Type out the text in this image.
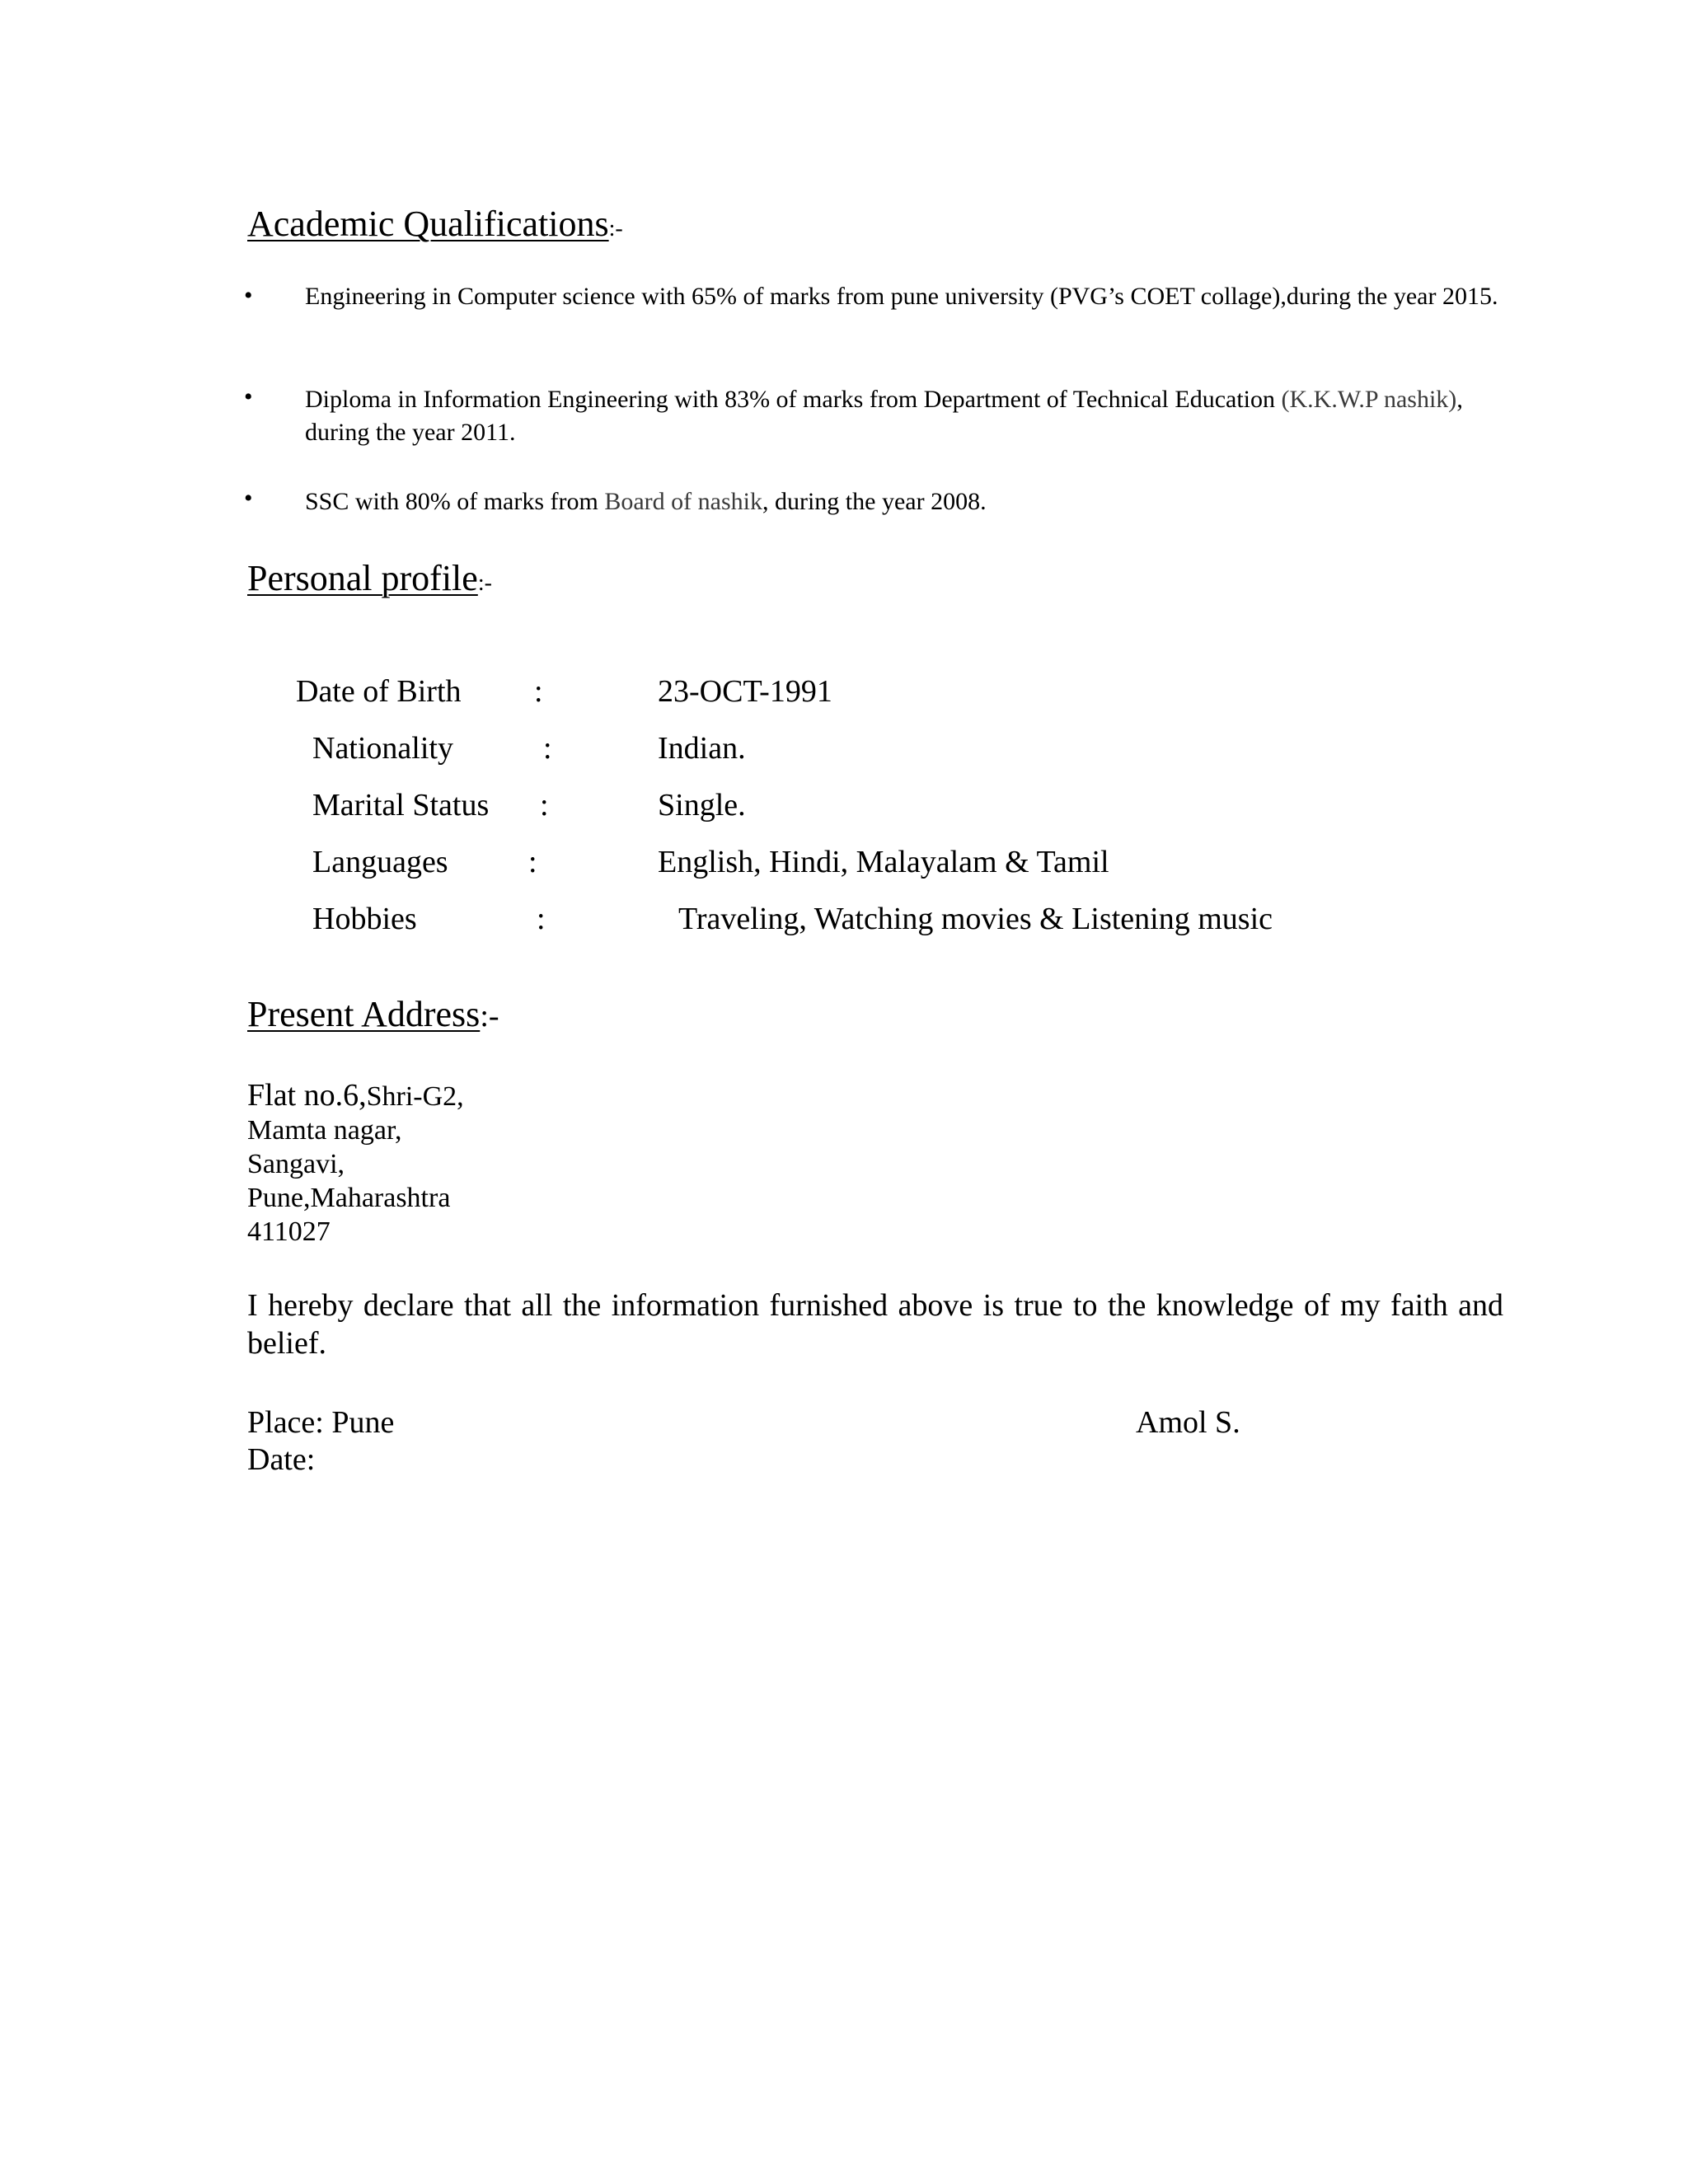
Academic Qualifications:-
• Engineering in Computer science with 65% of marks from pune university (PVG’s COET collage),during the year 2015.
• Diploma in Information Engineering with 83% of marks from Department of Technical Education (K.K.W.P nashik), during the year 2011.
• SSC with 80% of marks from Board of nashik, during the year 2008.
Personal profile:-
Date of Birth :	23-OCT-1991
Nationality	:	Indian.
Marital Status :	Single.
Languages	:	English, Hindi, Malayalam & Tamil
Hobbies	:	Traveling, Watching movies & Listening music
Present Address:-
Flat no.6,Shri-G2,
Mamta nagar,
Sangavi,
Pune,Maharashtra
411027
I hereby declare that all the information furnished above is true to the knowledge of my faith and belief.
Place: Pune
Date:
Amol S.
